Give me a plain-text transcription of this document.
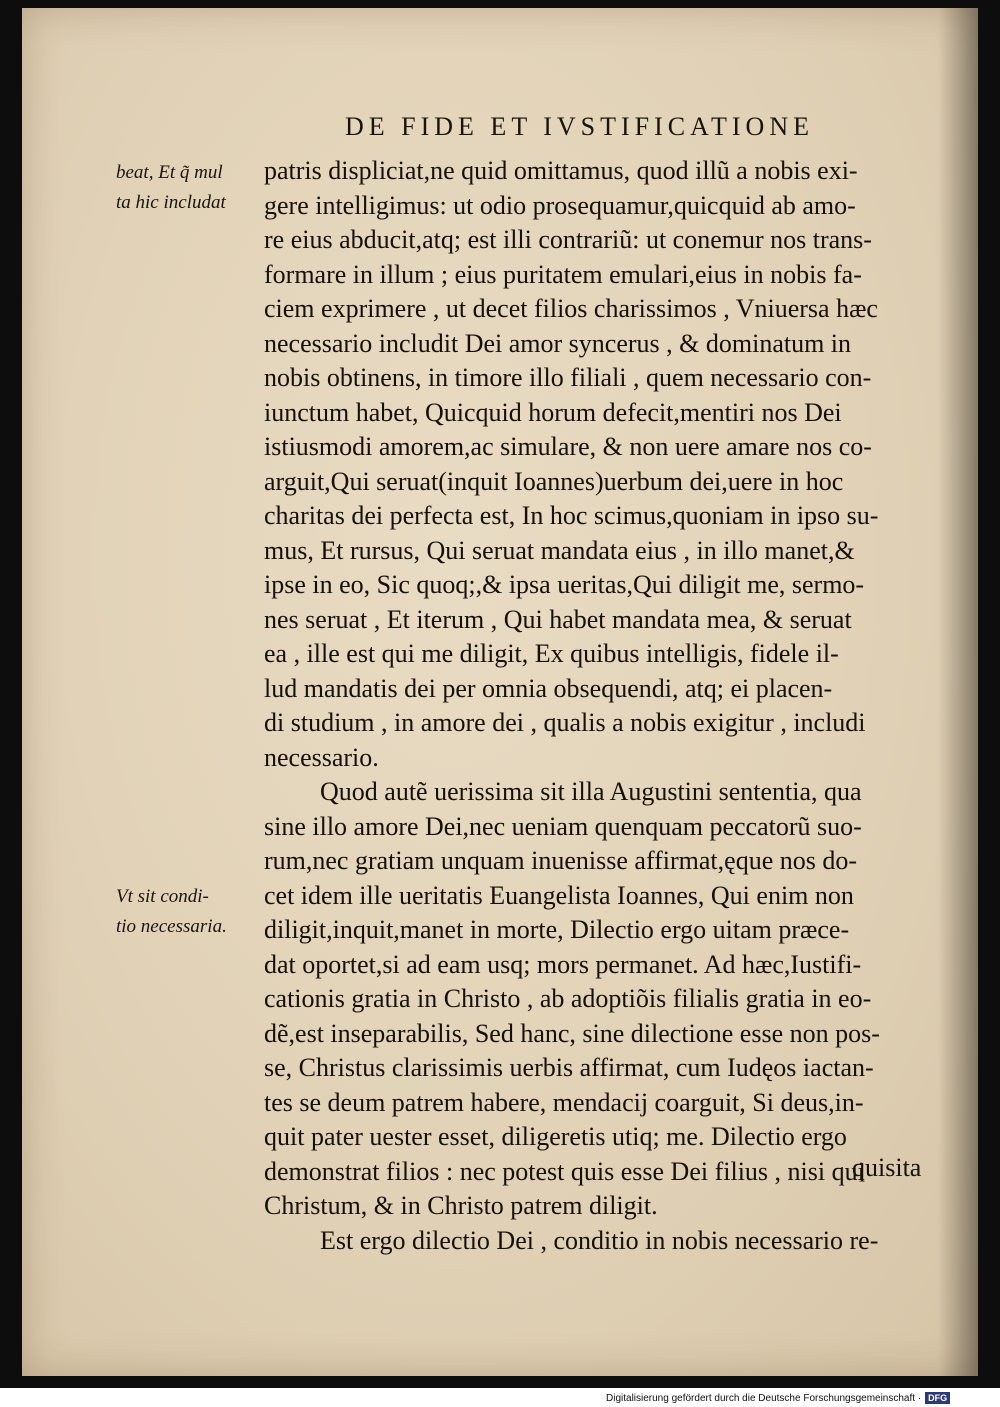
DE FIDE ET IVSTIFICATIONE
beat, Et q̃ mul
ta hic includat
Vt sit condi-
tio necessaria.
patris displiciat,ne quid omittamus, quod illũ a nobis exi-
gere intelligimus: ut odio prosequamur,quicquid ab amo-
re eius abducit,atq; est illi contrariũ: ut conemur nos trans-
formare in illum ; eius puritatem emulari,eius in nobis fa-
ciem exprimere , ut decet filios charissimos , Vniuersa hæc
necessario includit Dei amor syncerus , & dominatum in
nobis obtinens, in timore illo filiali , quem necessario con-
iunctum habet, Quicquid horum defecit,mentiri nos Dei
istiusmodi amorem,ac simulare, & non uere amare nos co-
arguit,Qui seruat(inquit Ioannes)uerbum dei,uere in hoc
charitas dei perfecta est, In hoc scimus,quoniam in ipso su-
mus, Et rursus, Qui seruat mandata eius , in illo manet,&
ipse in eo, Sic quoq;,& ipsa ueritas,Qui diligit me, sermo-
nes seruat , Et iterum , Qui habet mandata mea, & seruat
ea , ille est qui me diligit, Ex quibus intelligis, fidele il-
lud mandatis dei per omnia obsequendi, atq; ei placen-
di studium , in amore dei , qualis a nobis exigitur , includi
necessario.
Quod autẽ uerissima sit illa Augustini sententia, qua
sine illo amore Dei,nec ueniam quenquam peccatorũ suo-
rum,nec gratiam unquam inuenisse affirmat,ęque nos do-
cet idem ille ueritatis Euangelista Ioannes, Qui enim non
diligit,inquit,manet in morte, Dilectio ergo uitam præce-
dat oportet,si ad eam usq; mors permanet. Ad hæc,Iustifi-
cationis gratia in Christo , ab adoptiõis filialis gratia in eo-
dẽ,est inseparabilis, Sed hanc, sine dilectione esse non pos-
se, Christus clarissimis uerbis affirmat, cum Iudęos iactan-
tes se deum patrem habere, mendacij coarguit, Si deus,in-
quit pater uester esset, diligeretis utiq; me. Dilectio ergo
demonstrat filios : nec potest quis esse Dei filius , nisi qui
Christum, & in Christo patrem diligit.
Est ergo dilectio Dei , conditio in nobis necessario re-
quisita
Digitalisierung gefördert durch die Deutsche Forschungsgemeinschaft · DFG
